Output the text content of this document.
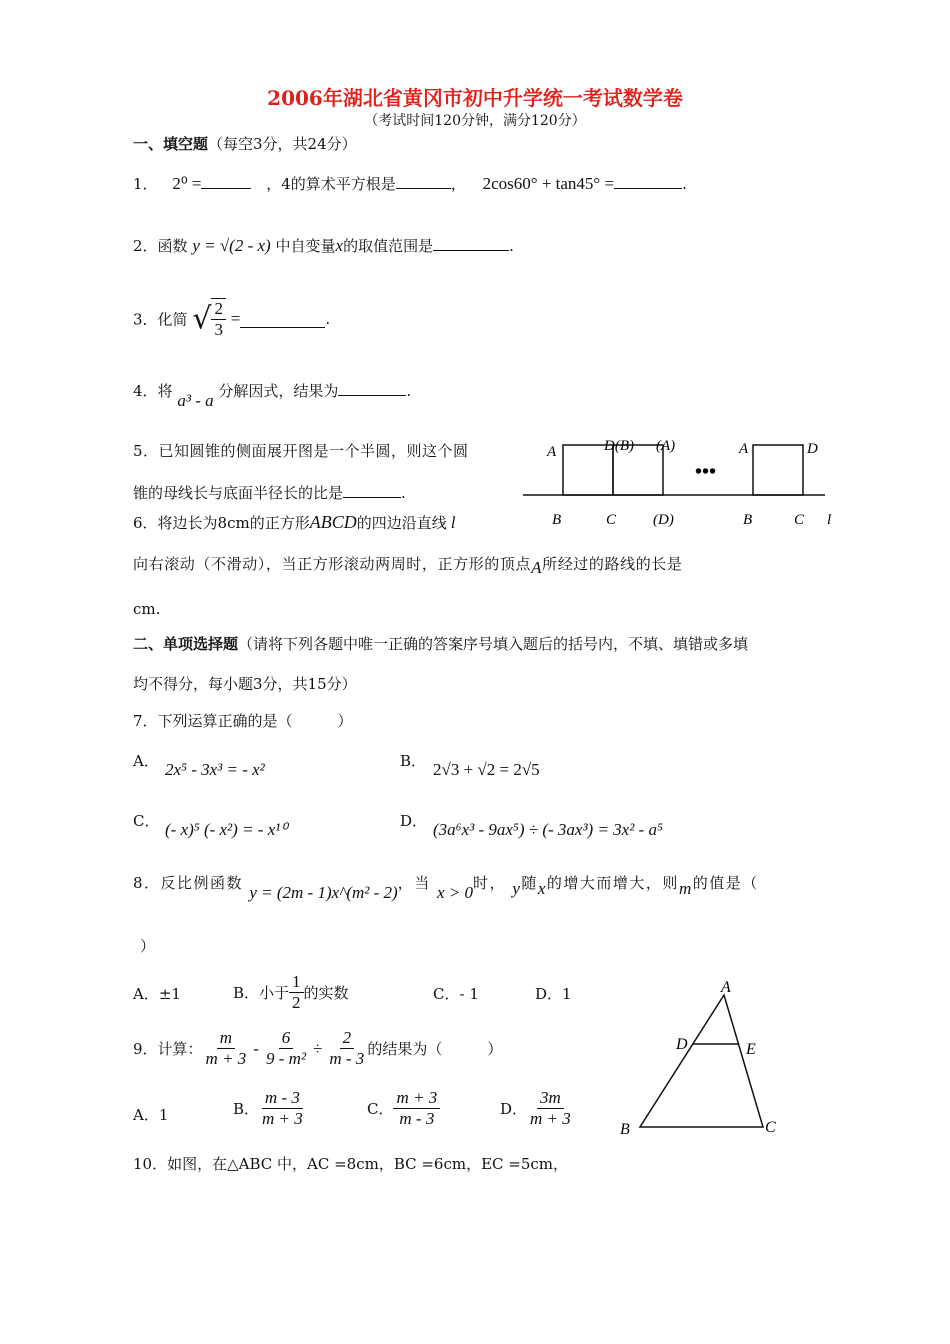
2006年湖北省黄冈市初中升学统一考试数学卷
（考试时间120分钟，满分120分）
一、填空题（每空3分，共24分）
1． 2⁰ =	，4的算术平方根是	， 2cos60° + tan45° =	.
2．函数 y = √(2 - x) 中自变量x的取值范围是	.
3．化简 √ $\frac{2}{3}$ =	.
4．将 a³ - a 分解因式，结果为	.
5．已知圆锥的侧面展开图是一个半圆，则这个圆
锥的母线长与底面半径长的比是	.
6．将边长为8cm的正方形ABCD的四边沿直线 l
向右滚动（不滑动），当正方形滚动两周时，正方形的顶点A所经过的路线的长是
cm.
A	D(B) (A)
•••
A	D
B	C (D)	B	C l
二、单项选择题（请将下列各题中唯一正确的答案序号填入题后的括号内，不填、填错或多填
均不得分，每小题3分，共15分）
7．下列运算正确的是（　　　）
A． 2x⁵ - 3x³ = - x²	B． 2√3 + √2 = 2√5
C． (- x)⁵ (- x²) = - x¹⁰	D． (3a⁶x³ - 9ax⁵) ÷ (- 3ax³) = 3x² - a⁵
8．反比例函数 y = (2m - 1)x^(m² - 2)，当 x > 0时， y随x的增大而增大，则m的值是（
）
A．±1	B．小于 $\frac{1}{2}$ 的实数	C．- 1	D．1
9．计算： $\frac{m}{m + 3} - \frac{6}{\text{9 - m²}} \div \frac{2}{m - 3}$ 的结果为（　　　）
A．1	B． $\frac{m - 3}{m + 3}$	C． $\frac{m + 3}{m - 3}$	D． $\frac{3m}{m + 3}$
10．如图，在△ABC 中，AC =8cm，BC =6cm，EC =5cm，
A
D	E
B	C
